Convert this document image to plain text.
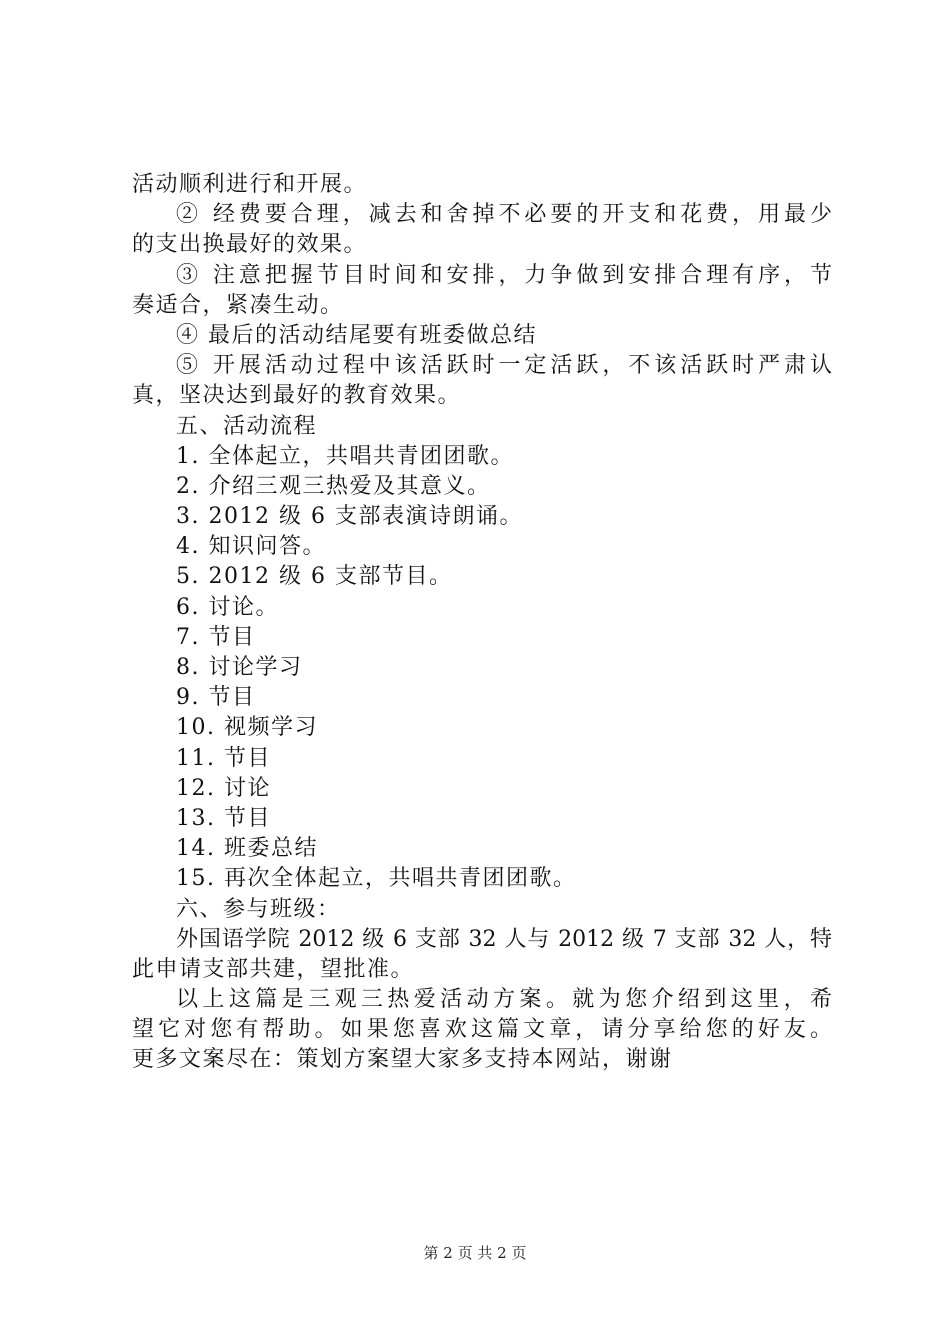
活动顺利进行和开展。
② 经费要合理，减去和舍掉不必要的开支和花费，用最少
的支出换最好的效果。
③ 注意把握节目时间和安排，力争做到安排合理有序，节
奏适合，紧凑生动。
④ 最后的活动结尾要有班委做总结
⑤ 开展活动过程中该活跃时一定活跃，不该活跃时严肃认
真，坚决达到最好的教育效果。
五、活动流程
1. 全体起立，共唱共青团团歌。
2. 介绍三观三热爱及其意义。
3. 2012 级 6 支部表演诗朗诵。
4. 知识问答。
5. 2012 级 6 支部节目。
6. 讨论。
7. 节目
8. 讨论学习
9. 节目
10. 视频学习
11. 节目
12. 讨论
13. 节目
14. 班委总结
15. 再次全体起立，共唱共青团团歌。
六、参与班级：
外国语学院 2012 级 6 支部 32 人与 2012 级 7 支部 32 人，特
此申请支部共建，望批准。
以上这篇是三观三热爱活动方案。就为您介绍到这里，希
望它对您有帮助。如果您喜欢这篇文章，请分享给您的好友。
更多文案尽在：策划方案望大家多支持本网站，谢谢
第 2 页 共 2 页
